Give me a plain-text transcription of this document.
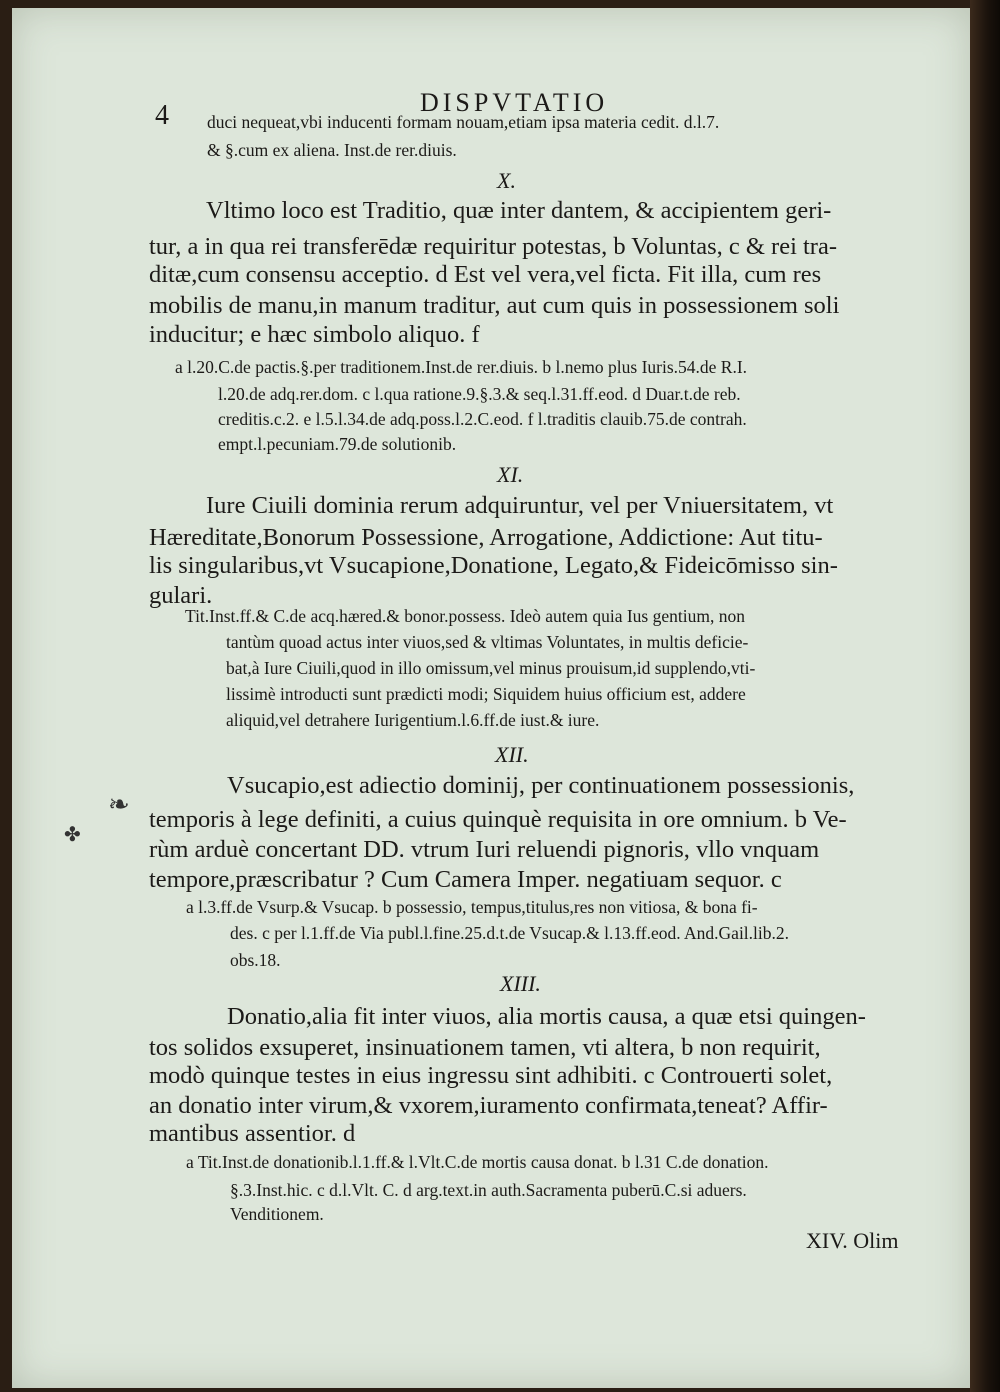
4	DISPVTATIO
duci nequeat,vbi inducenti formam nouam,etiam ipsa materia cedit. d.l.7.
& §.cum ex aliena. Inst.de rer.diuis.
X.
Vltimo loco est Traditio, quæ inter dantem, & accipientem geri-
tur, a in qua rei transferēdæ requiritur potestas, b Voluntas, c & rei tra-
ditæ,cum consensu acceptio. d Est vel vera,vel ficta. Fit illa, cum res
mobilis de manu,in manum traditur, aut cum quis in possessionem soli
inducitur; e hæc simbolo aliquo. f
a l.20.C.de pactis.§.per traditionem.Inst.de rer.diuis. b l.nemo plus Iuris.54.de R.I.
l.20.de adq.rer.dom. c l.qua ratione.9.§.3.& seq.l.31.ff.eod. d Duar.t.de reb.
creditis.c.2. e l.5.l.34.de adq.poss.l.2.C.eod. f l.traditis clauib.75.de contrah.
empt.l.pecuniam.79.de solutionib.
XI.
Iure Ciuili dominia rerum adquiruntur, vel per Vniuersitatem, vt
Hæreditate,Bonorum Possessione, Arrogatione, Addictione: Aut titu-
lis singularibus,vt Vsucapione,Donatione, Legato,& Fideicōmisso sin-
gulari.
Tit.Inst.ff.& C.de acq.hæred.& bonor.possess. Ideò autem quia Ius gentium, non
tantùm quoad actus inter viuos,sed & vltimas Voluntates, in multis deficie-
bat,à Iure Ciuili,quod in illo omissum,vel minus prouisum,id supplendo,vti-
lissimè introducti sunt prædicti modi; Siquidem huius officium est, addere
aliquid,vel detrahere Iurigentium.l.6.ff.de iust.& iure.
XII.
Vsucapio,est adiectio dominij, per continuationem possessionis,
temporis à lege definiti, a cuius quinquè requisita in ore omnium. b Ve-
rùm arduè concertant DD. vtrum Iuri reluendi pignoris, vllo vnquam
tempore,præscribatur ? Cum Camera Imper. negatiuam sequor. c
a l.3.ff.de Vsurp.& Vsucap. b possessio, tempus,titulus,res non vitiosa, & bona fi-
des. c per l.1.ff.de Via publ.l.fine.25.d.t.de Vsucap.& l.13.ff.eod. And.Gail.lib.2.
obs.18.
XIII.
Donatio,alia fit inter viuos, alia mortis causa, a quæ etsi quingen-
tos solidos exsuperet, insinuationem tamen, vti altera, b non requirit,
modò quinque testes in eius ingressu sint adhibiti. c Controuerti solet,
an donatio inter virum,& vxorem,iuramento confirmata,teneat? Affir-
mantibus assentior. d
a Tit.Inst.de donationib.l.1.ff.& l.Vlt.C.de mortis causa donat. b l.31 C.de donation.
§.3.Inst.hic. c d.l.Vlt. C. d arg.text.in auth.Sacramenta puberū.C.si aduers.
Venditionem.
XIV. Olim
❧
✤
